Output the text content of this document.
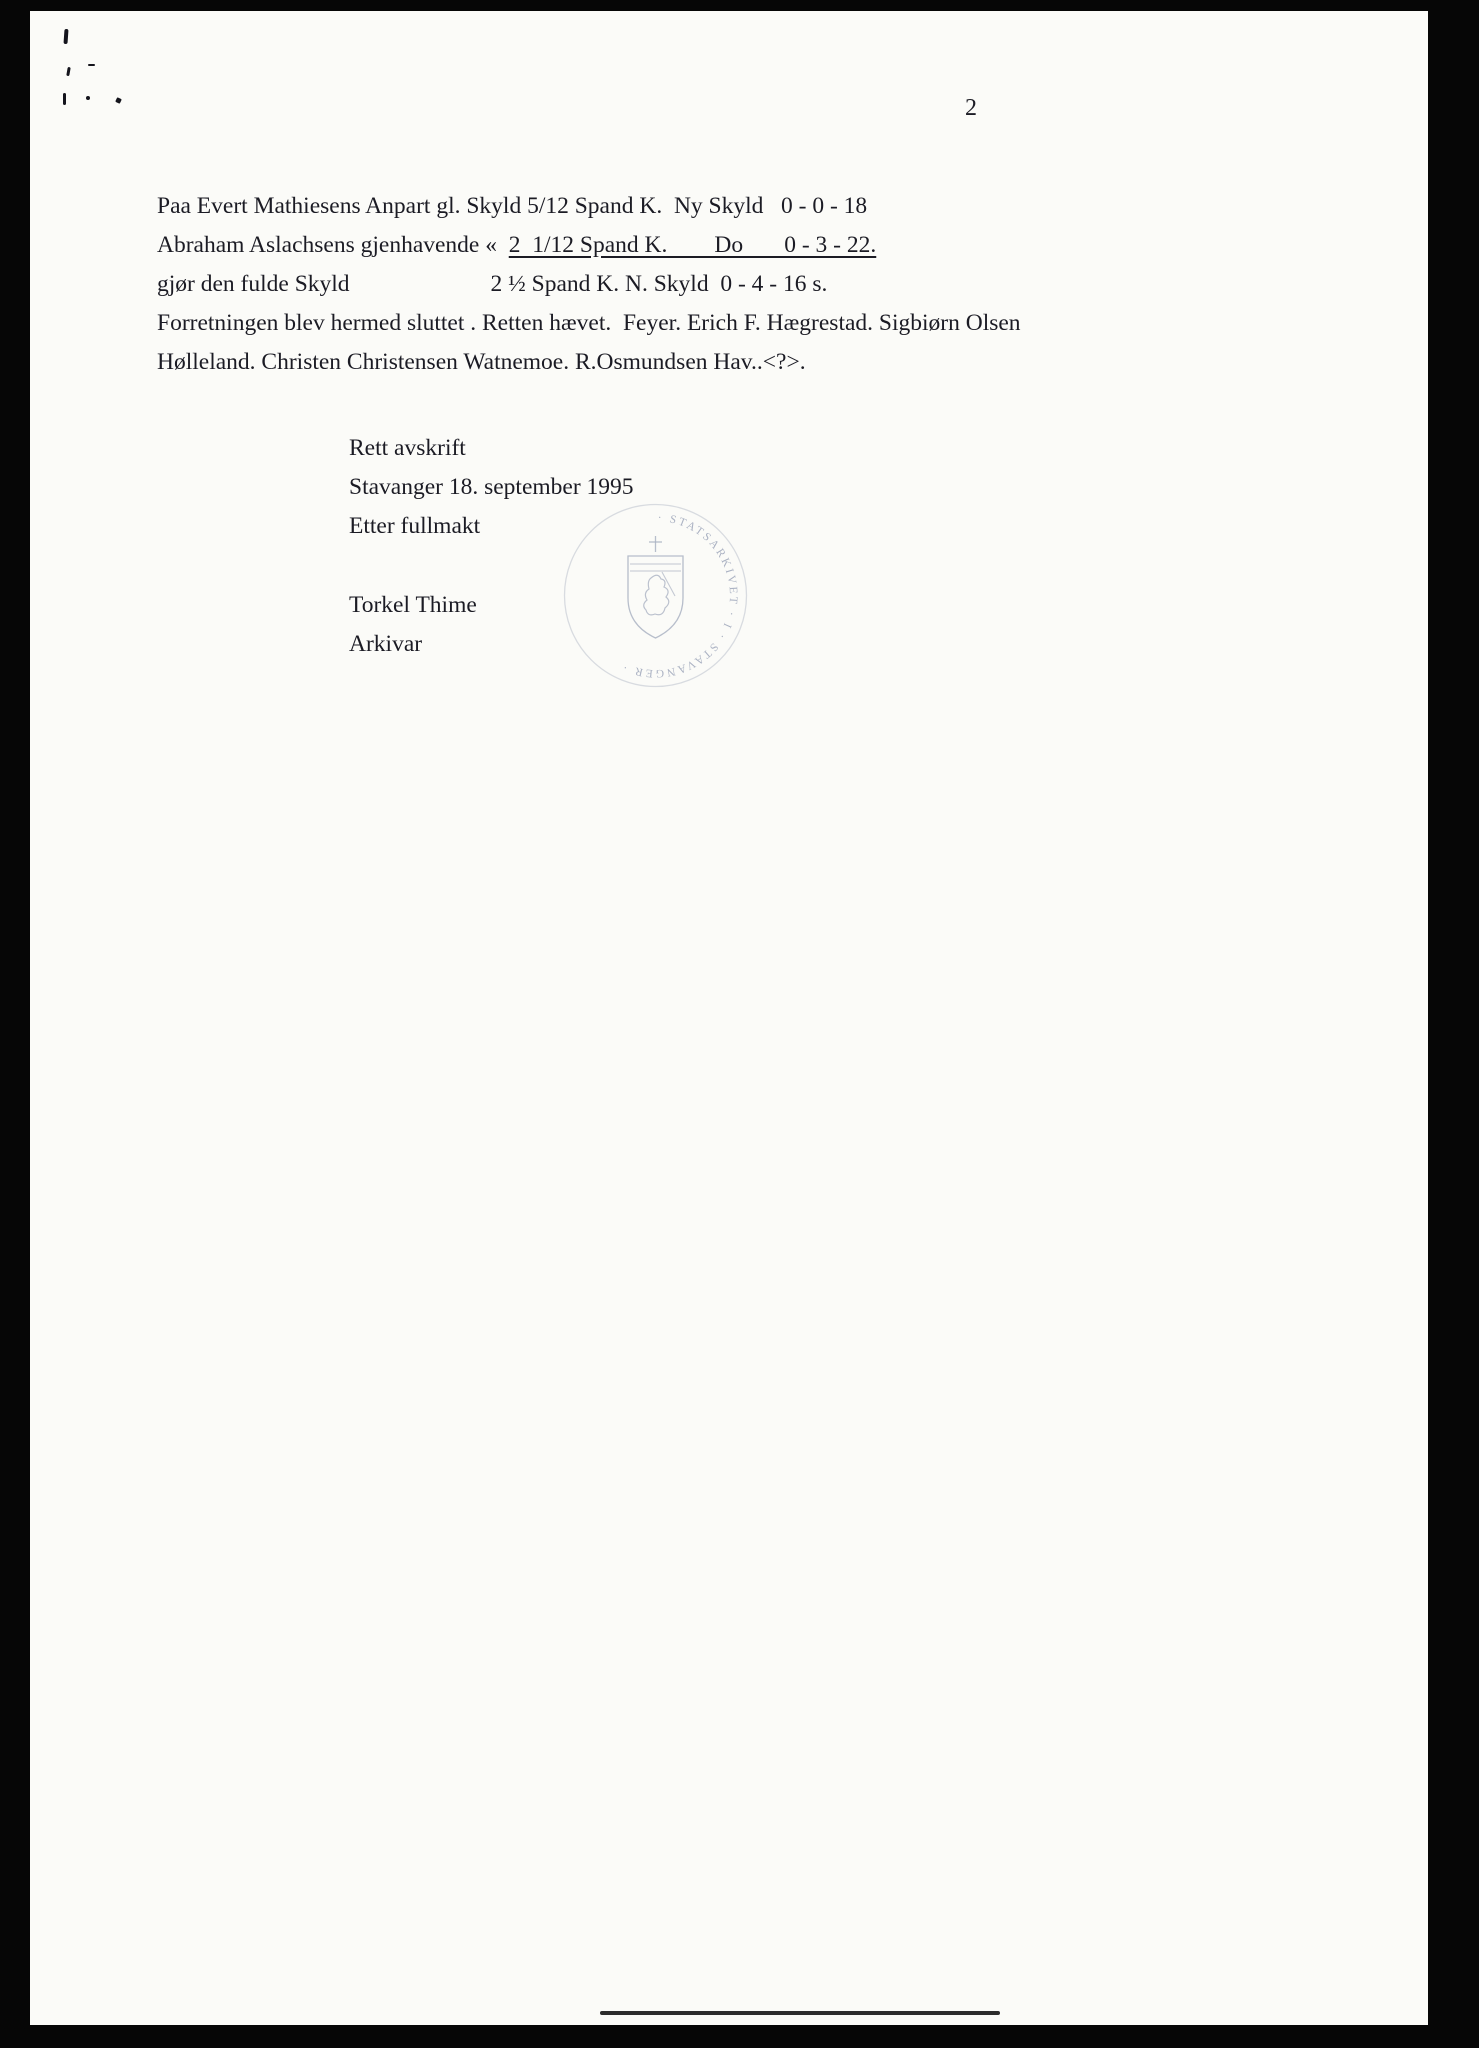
2

Paa Evert Mathiesens Anpart gl. Skyld 5/12 Spand K.  Ny Skyld   0 - 0 - 18

Abraham Aslachsens gjenhavende «  2  1/12 Spand K.        Do       0 - 3 - 22.

gjør den fulde Skyld                        2 ½ Spand K. N. Skyld  0 - 4 - 16 s.

Forretningen blev hermed sluttet . Retten hævet.  Feyer. Erich F. Hægrestad. Sigbiørn Olsen

Hølleland. Christen Christensen Watnemoe. R.Osmundsen Hav..<?>.

Rett avskrift

Stavanger 18. september 1995

Etter fullmakt

Torkel Thime

Arkivar

· STATSARKIVET · I · STAVANGER ·
